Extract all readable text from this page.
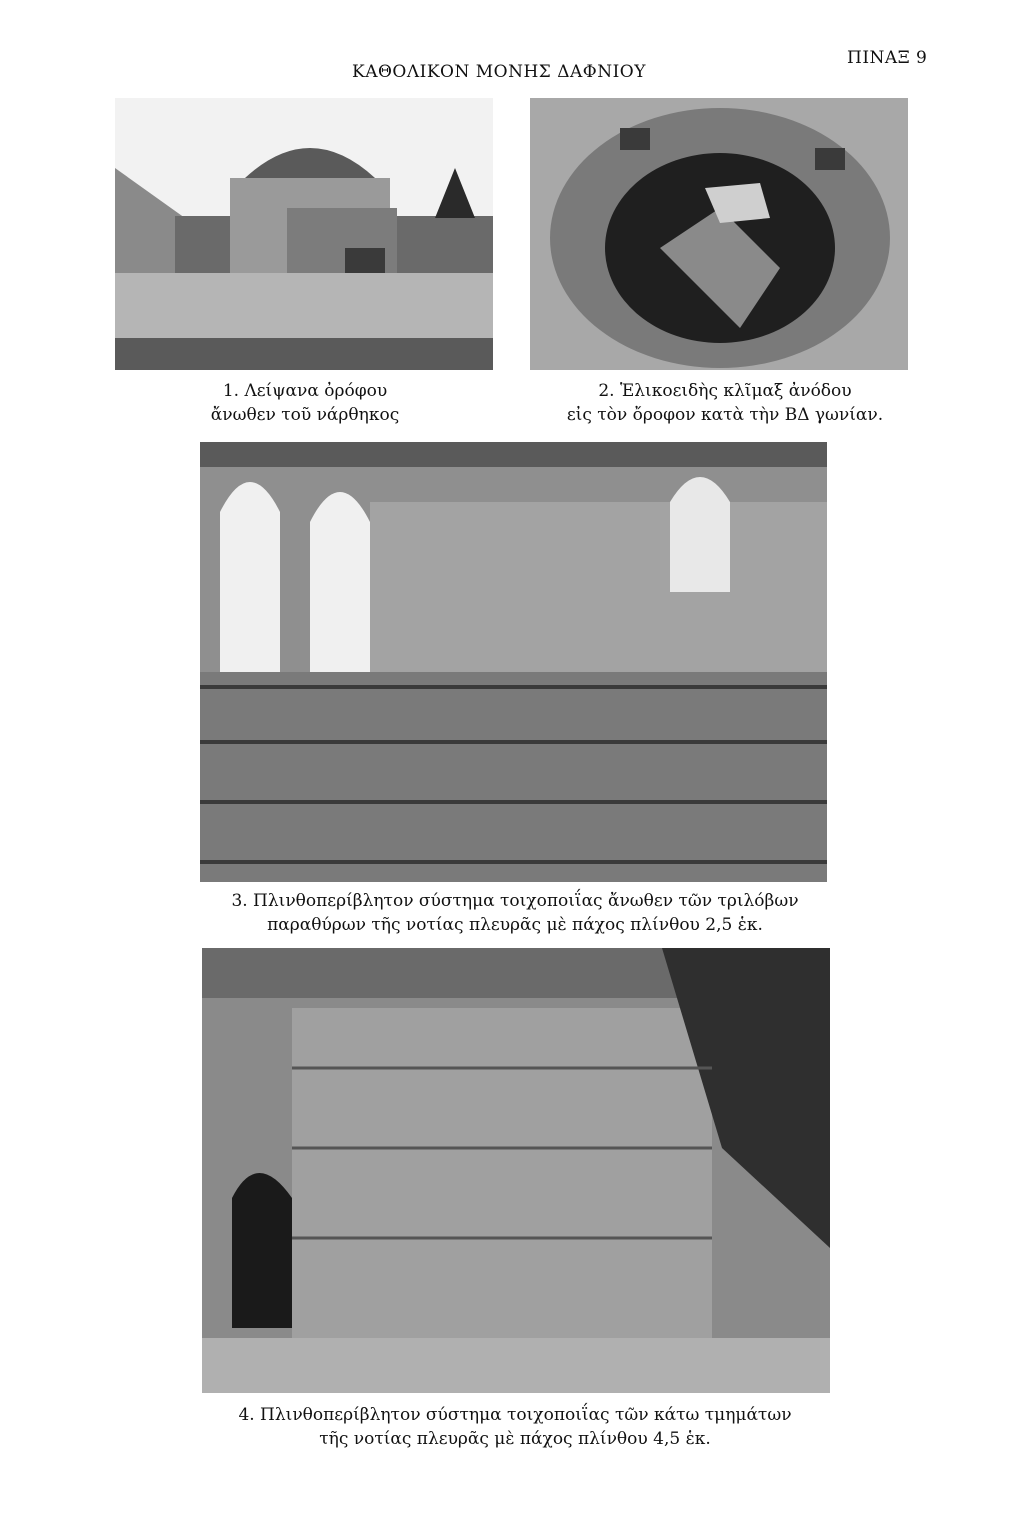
ΚΑΘΟΛΙΚΟΝ ΜΟΝΗΣ ΔΑΦΝΙΟΥ
ΠΙΝΑΞ 9
1. Λείψανα ὀρόφου
ἄνωθεν τοῦ νάρθηκος
2. Ἑλικοειδὴς κλῖμαξ ἀνόδου
εἰς τὸν ὄροφον κατὰ τὴν ΒΔ γωνίαν.
3. Πλινθοπερίβλητον σύστημα τοιχοποιΐας ἄνωθεν τῶν τριλόβων
παραθύρων τῆς νοτίας πλευρᾶς μὲ πάχος πλίνθου 2,5 ἑκ.
4. Πλινθοπερίβλητον σύστημα τοιχοποιΐας τῶν κάτω τμημάτων
τῆς νοτίας πλευρᾶς μὲ πάχος πλίνθου 4,5 ἑκ.
